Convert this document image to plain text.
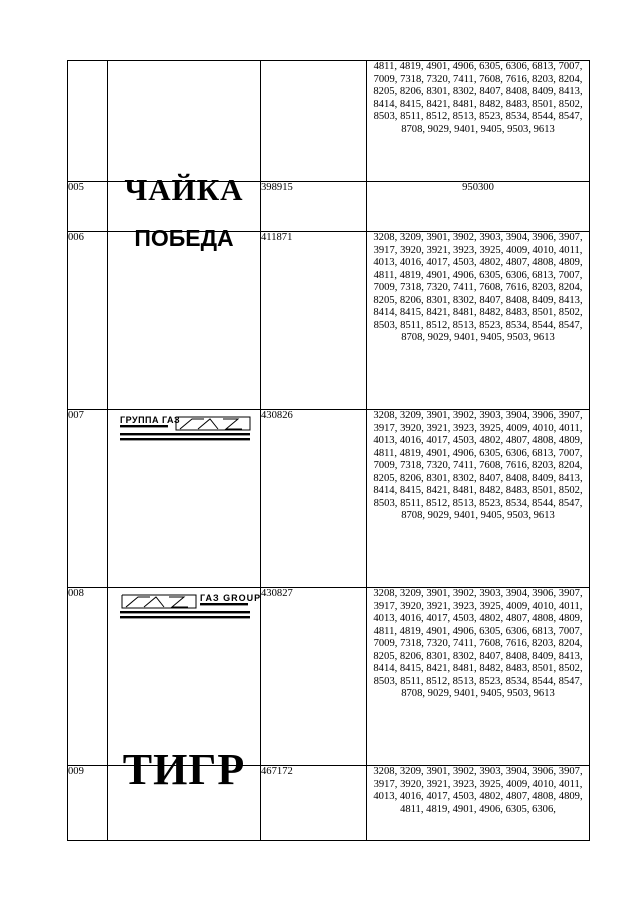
			4811, 4819, 4901, 4906, 6305, 6306, 6813, 7007, 7009, 7318, 7320, 7411, 7608, 7616, 8203, 8204, 8205, 8206, 8301, 8302, 8407, 8408, 8409, 8413, 8414, 8415, 8421, 8481, 8482, 8483, 8501, 8502, 8503, 8511, 8512, 8513, 8523, 8534, 8544, 8547, 8708, 9029, 9401, 9405, 9503, 9613
005	ЧАЙКА	398915	950300
006	ПОБЕДА	411871	3208, 3209, 3901, 3902, 3903, 3904, 3906, 3907, 3917, 3920, 3921, 3923, 3925, 4009, 4010, 4011, 4013, 4016, 4017, 4503, 4802, 4807, 4808, 4809, 4811, 4819, 4901, 4906, 6305, 6306, 6813, 7007, 7009, 7318, 7320, 7411, 7608, 7616, 8203, 8204, 8205, 8206, 8301, 8302, 8407, 8408, 8409, 8413, 8414, 8415, 8421, 8481, 8482, 8483, 8501, 8502, 8503, 8511, 8512, 8513, 8523, 8534, 8544, 8547, 8708, 9029, 9401, 9405, 9503, 9613
007	ГРУППА ГАЗ	430826	3208, 3209, 3901, 3902, 3903, 3904, 3906, 3907, 3917, 3920, 3921, 3923, 3925, 4009, 4010, 4011, 4013, 4016, 4017, 4503, 4802, 4807, 4808, 4809, 4811, 4819, 4901, 4906, 6305, 6306, 6813, 7007, 7009, 7318, 7320, 7411, 7608, 7616, 8203, 8204, 8205, 8206, 8301, 8302, 8407, 8408, 8409, 8413, 8414, 8415, 8421, 8481, 8482, 8483, 8501, 8502, 8503, 8511, 8512, 8513, 8523, 8534, 8544, 8547, 8708, 9029, 9401, 9405, 9503, 9613
008	ГАЗ GROUP	430827	3208, 3209, 3901, 3902, 3903, 3904, 3906, 3907, 3917, 3920, 3921, 3923, 3925, 4009, 4010, 4011, 4013, 4016, 4017, 4503, 4802, 4807, 4808, 4809, 4811, 4819, 4901, 4906, 6305, 6306, 6813, 7007, 7009, 7318, 7320, 7411, 7608, 7616, 8203, 8204, 8205, 8206, 8301, 8302, 8407, 8408, 8409, 8413, 8414, 8415, 8421, 8481, 8482, 8483, 8501, 8502, 8503, 8511, 8512, 8513, 8523, 8534, 8544, 8547, 8708, 9029, 9401, 9405, 9503, 9613
009	ТИГР	467172	3208, 3209, 3901, 3902, 3903, 3904, 3906, 3907, 3917, 3920, 3921, 3923, 3925, 4009, 4010, 4011, 4013, 4016, 4017, 4503, 4802, 4807, 4808, 4809, 4811, 4819, 4901, 4906, 6305, 6306,
